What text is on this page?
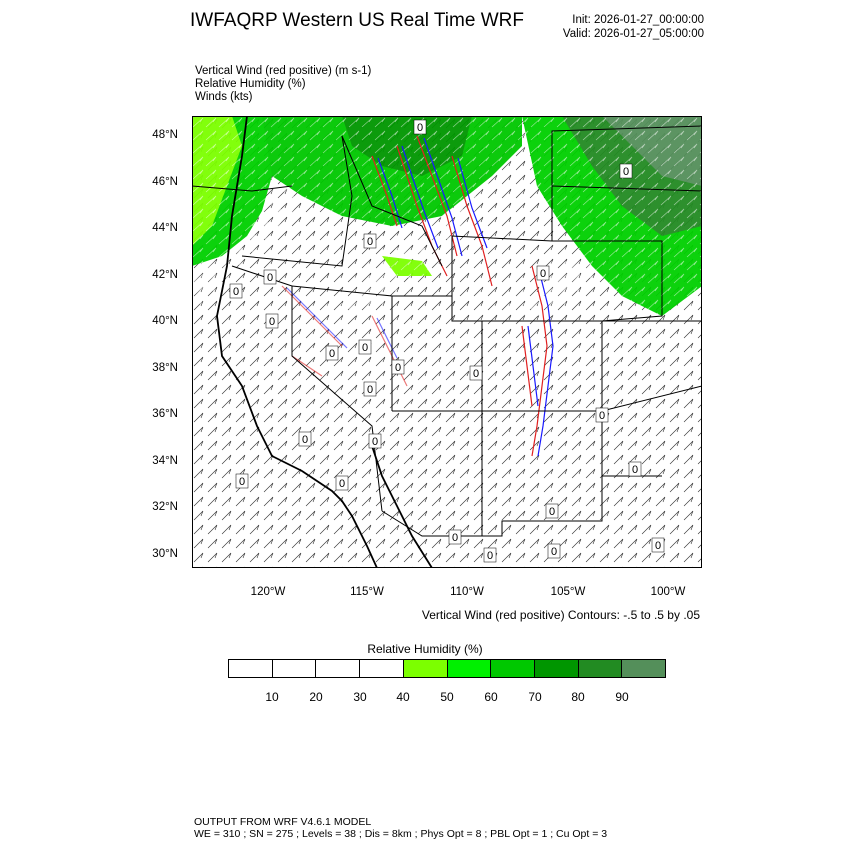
IWFAQRP Western US Real Time WRF	Init: 2026-01-27_00:00:00
Valid: 2026-01-27_05:00:00
Vertical Wind (red positive) (m s-1)
Relative Humidity (%)
Winds (kts)
0
0
0
0
0
0
0
0 0
0	0
0
0
0	0
0
0	0
0
0
0
0
0
48°N
46°N
44°N
42°N
40°N
38°N
36°N
34°N
32°N
30°N
120°W	115°W	110°W	105°W	100°W
Vertical Wind (red positive) Contours: -.5 to .5 by .05
Relative Humidity (%)
10	20	30 40	50	60	70 80	90
OUTPUT FROM WRF V4.6.1 MODEL
WE = 310 ; SN = 275 ; Levels = 38 ; Dis = 8km ; Phys Opt = 8 ; PBL Opt = 1 ; Cu Opt = 3
